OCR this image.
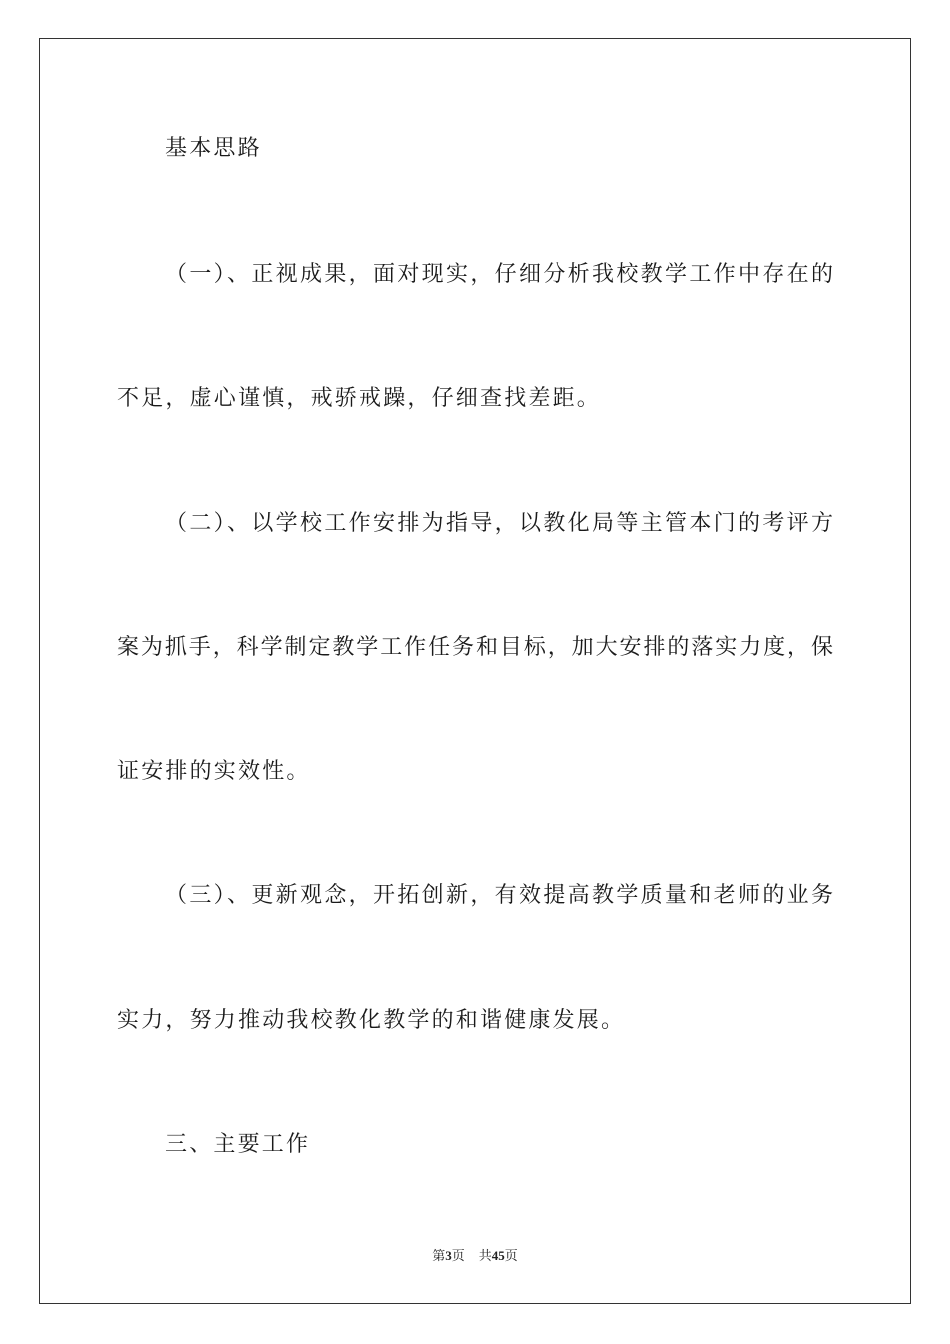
基本思路
（一）、正视成果，面对现实，仔细分析我校教学工作中存在的
不足，虚心谨慎，戒骄戒躁，仔细查找差距。
（二）、以学校工作安排为指导，以教化局等主管本门的考评方
案为抓手，科学制定教学工作任务和目标，加大安排的落实力度，保
证安排的实效性。
（三）、更新观念，开拓创新，有效提高教学质量和老师的业务
实力，努力推动我校教化教学的和谐健康发展。
三、主要工作
第3页 共45页
